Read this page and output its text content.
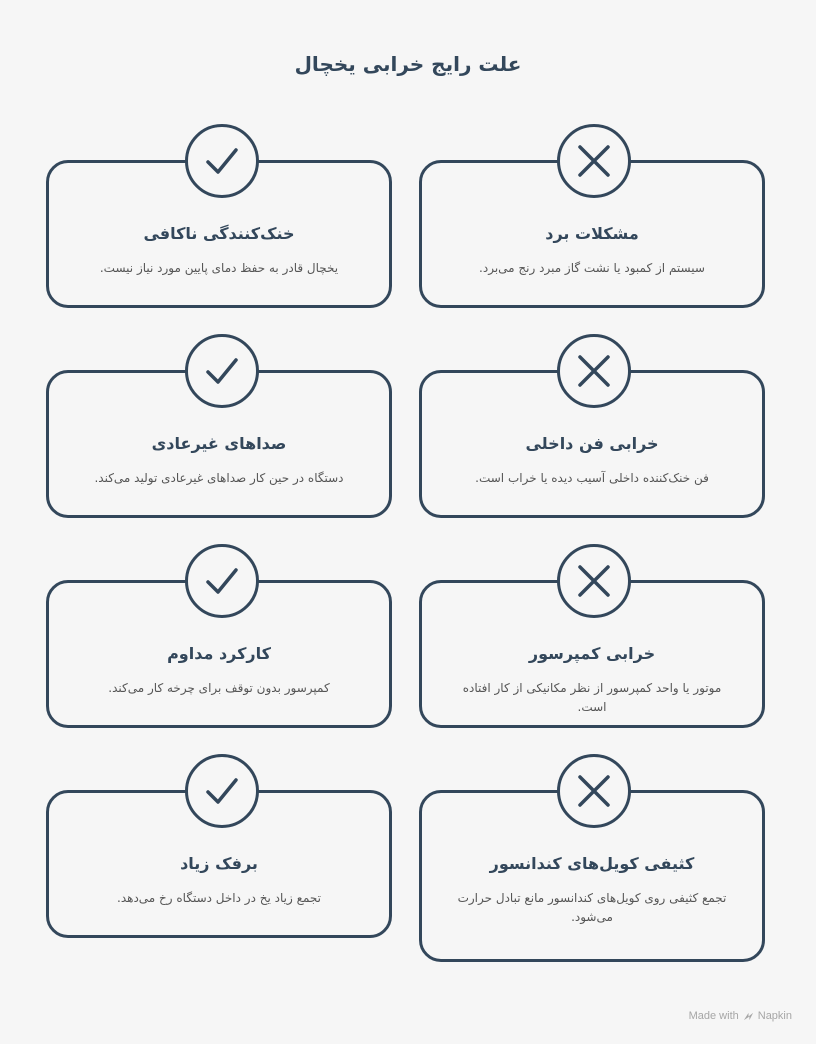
علت رایج خرابی یخچال
خنک‌کنندگی ناکافی
یخچال قادر به حفظ دمای پایین مورد نیاز نیست.
مشکلات برد
سیستم از کمبود یا نشت گاز مبرد رنج می‌برد.
صداهای غیرعادی
دستگاه در حین کار صداهای غیرعادی تولید می‌کند.
خرابی فن داخلی
فن خنک‌کننده داخلی آسیب دیده یا خراب است.
کارکرد مداوم
کمپرسور بدون توقف برای چرخه کار می‌کند.
خرابی کمپرسور
موتور یا واحد کمپرسور از نظر مکانیکی از کار افتاده است.
برفک زیاد
تجمع زیاد یخ در داخل دستگاه رخ می‌دهد.
کثیفی کویل‌های کندانسور
تجمع کثیفی روی کویل‌های کندانسور مانع تبادل حرارت می‌شود.
Made with Napkin
